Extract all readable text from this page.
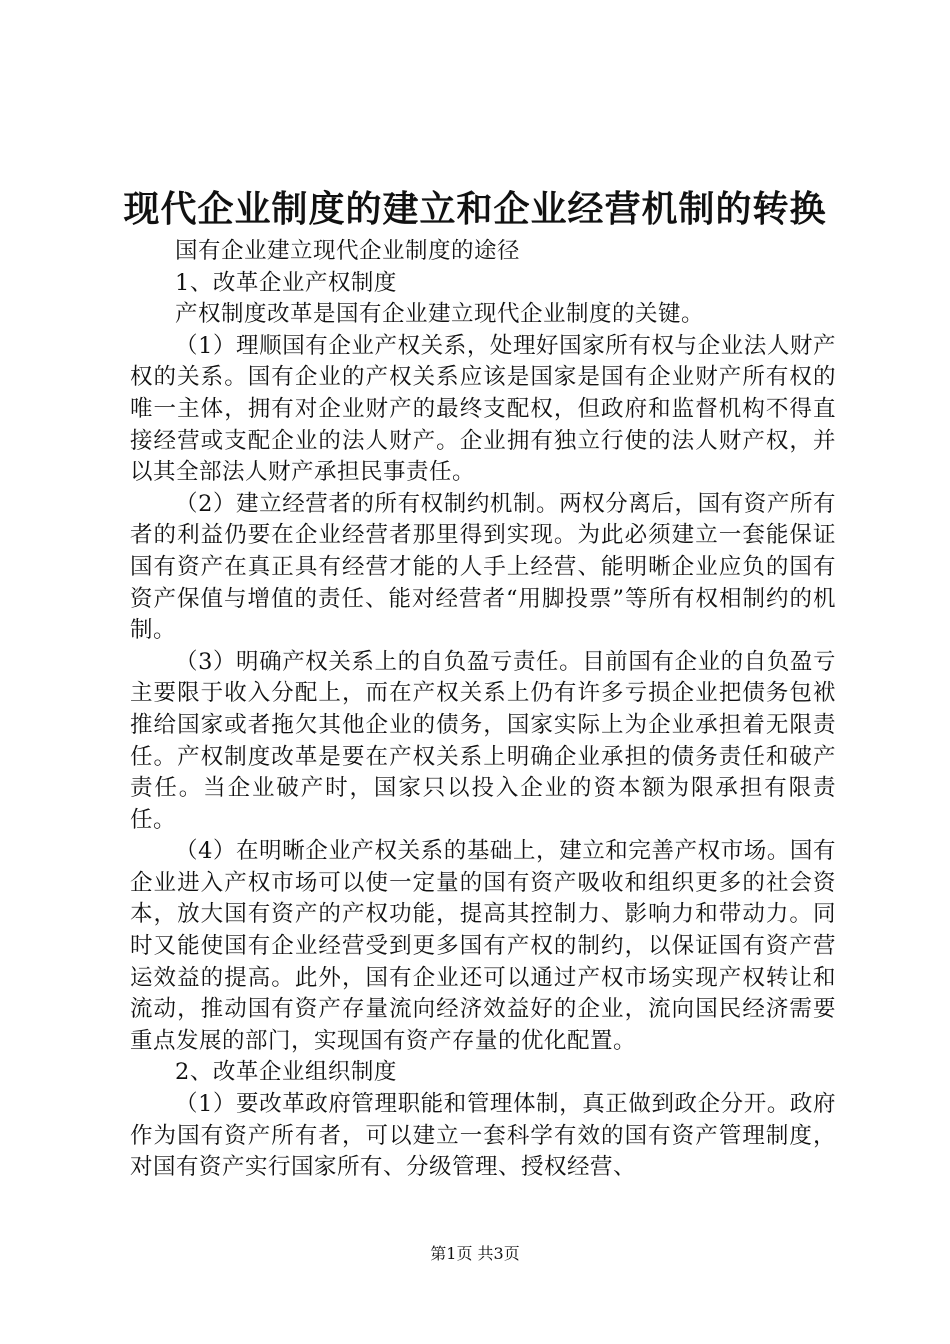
现代企业制度的建立和企业经营机制的转换

国有企业建立现代企业制度的途径

1、改革企业产权制度

产权制度改革是国有企业建立现代企业制度的关键。

（1）理顺国有企业产权关系，处理好国家所有权与企业法人财产权的关系。国有企业的产权关系应该是国家是国有企业财产所有权的唯一主体，拥有对企业财产的最终支配权，但政府和监督机构不得直接经营或支配企业的法人财产。企业拥有独立行使的法人财产权，并以其全部法人财产承担民事责任。

（2）建立经营者的所有权制约机制。两权分离后，国有资产所有者的利益仍要在企业经营者那里得到实现。为此必须建立一套能保证国有资产在真正具有经营才能的人手上经营、能明晰企业应负的国有资产保值与增值的责任、能对经营者“用脚投票”等所有权相制约的机制。

（3）明确产权关系上的自负盈亏责任。目前国有企业的自负盈亏主要限于收入分配上，而在产权关系上仍有许多亏损企业把债务包袱推给国家或者拖欠其他企业的债务，国家实际上为企业承担着无限责任。产权制度改革是要在产权关系上明确企业承担的债务责任和破产责任。当企业破产时，国家只以投入企业的资本额为限承担有限责任。

（4）在明晰企业产权关系的基础上，建立和完善产权市场。国有企业进入产权市场可以使一定量的国有资产吸收和组织更多的社会资本，放大国有资产的产权功能，提高其控制力、影响力和带动力。同时又能使国有企业经营受到更多国有产权的制约，以保证国有资产营运效益的提高。此外，国有企业还可以通过产权市场实现产权转让和流动，推动国有资产存量流向经济效益好的企业，流向国民经济需要重点发展的部门，实现国有资产存量的优化配置。

2、改革企业组织制度

（1）要改革政府管理职能和管理体制，真正做到政企分开。政府作为国有资产所有者，可以建立一套科学有效的国有资产管理制度，对国有资产实行国家所有、分级管理、授权经营、

第1页 共3页
